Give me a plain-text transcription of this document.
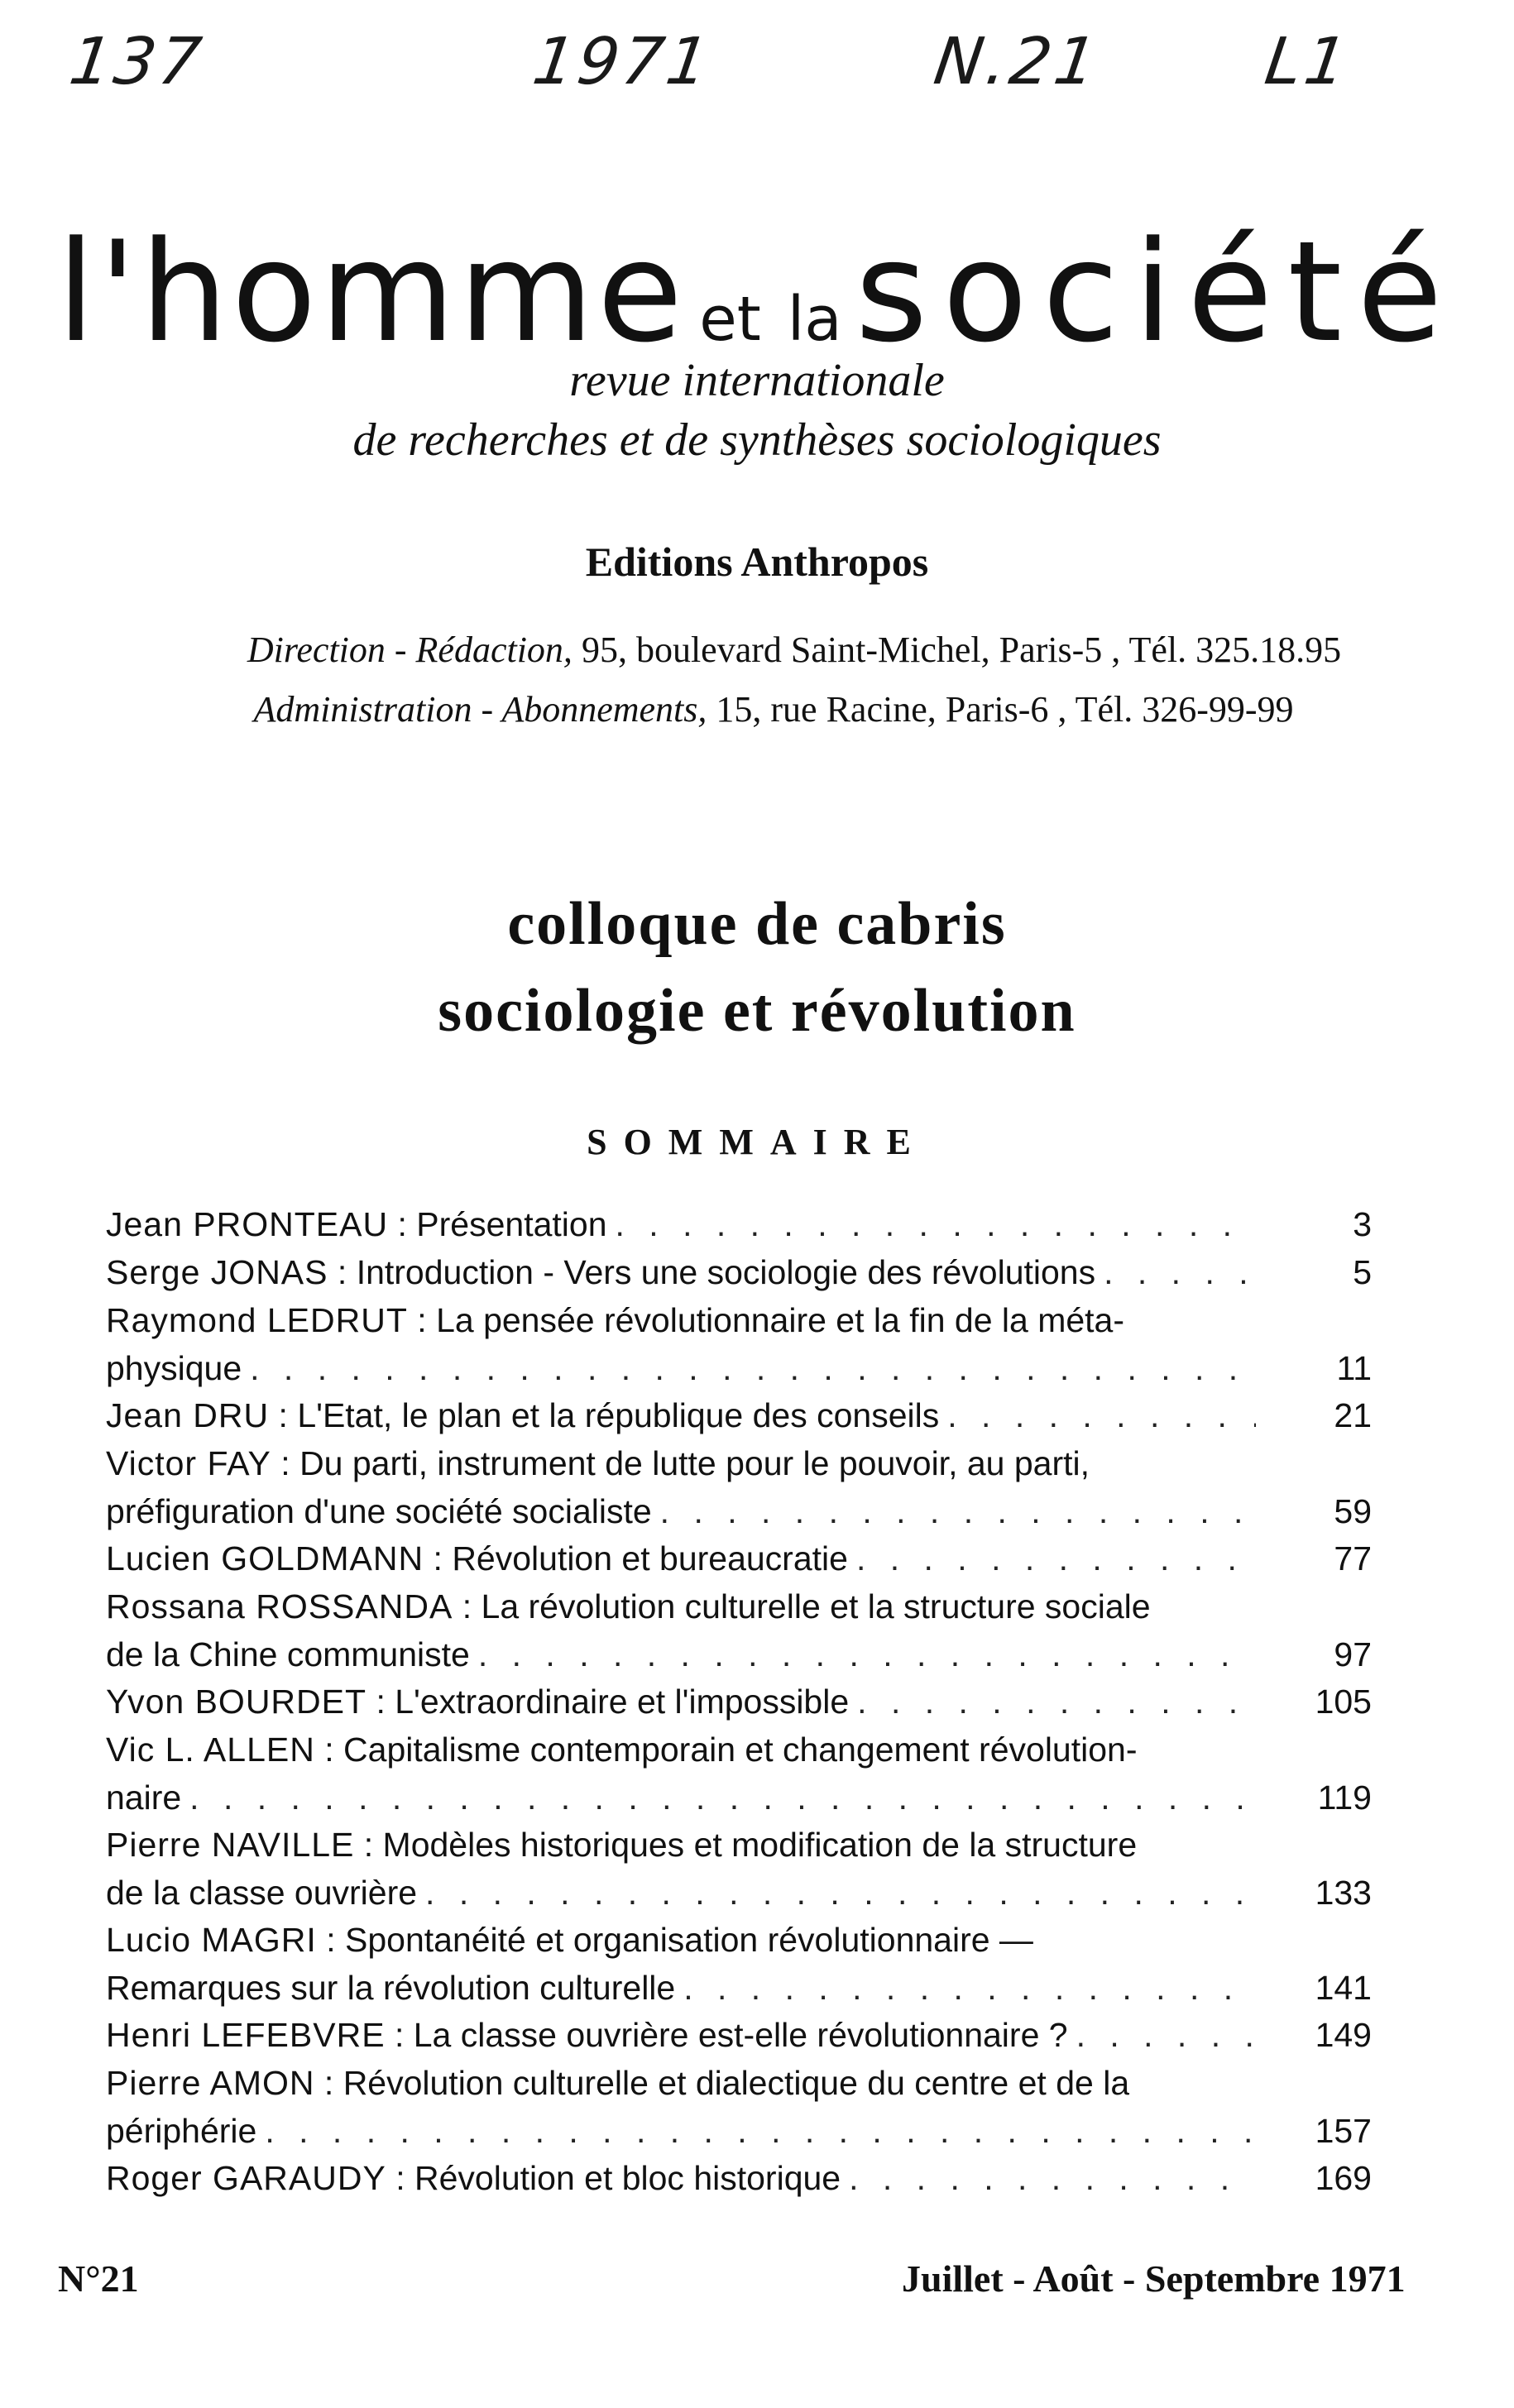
137	1971	N.21 L1
l'homme et lasociété
revue internationale
de recherches et de synthèses sociologiques
Editions Anthropos
Direction - Rédaction, 95, boulevard Saint-Michel, Paris-5 , Tél. 325.18.95
Administration - Abonnements, 15, rue Racine, Paris-6 , Tél. 326-99-99
colloque de cabris
sociologie et révolution
SOMMAIRE
Jean PRONTEAU : Présentation . . .	3
Serge JONAS : Introduction - Vers une sociologie des révolutions . . .	5
Raymond LEDRUT : La pensée révolutionnaire et la fin de la méta-
physique . . .	11
Jean DRU : L'Etat, le plan et la république des conseils . . .	21
Victor FAY : Du parti, instrument de lutte pour le pouvoir, au parti,
préfiguration d'une société socialiste . . .	59
Lucien GOLDMANN : Révolution et bureaucratie . . .	77
Rossana ROSSANDA : La révolution culturelle et la structure sociale
de la Chine communiste . . .	97
Yvon BOURDET : L'extraordinaire et l'impossible . . .	105
Vic L. ALLEN : Capitalisme contemporain et changement révolution-
naire . . .	119
Pierre NAVILLE : Modèles historiques et modification de la structure
de la classe ouvrière . . .	133
Lucio MAGRI : Spontanéité et organisation révolutionnaire —
Remarques sur la révolution culturelle . . .	141
Henri LEFEBVRE : La classe ouvrière est-elle révolutionnaire ? . . .	149
Pierre AMON : Révolution culturelle et dialectique du centre et de la
périphérie . . .	157
Roger GARAUDY : Révolution et bloc historique . . .	169
N°21	Juillet - Août - Septembre 1971
